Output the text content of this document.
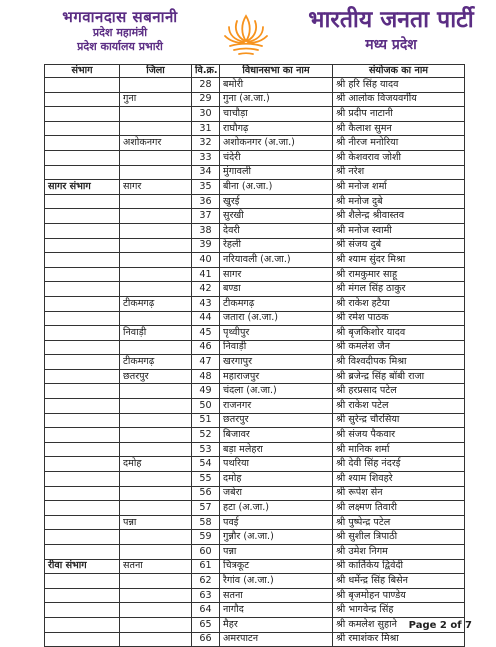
भगवानदास सबनानी
प्रदेश महामंत्री
प्रदेश कार्यालय प्रभारी
भारतीय जनता पार्टी
मध्य प्रदेश
संभाग	जिला	वि.क्र.	विधानसभा का नाम	संयोजक का नाम
		28	बमोरी	श्री हरि सिंह यादव
	गुना	29	गुना (अ.जा.)	श्री आलोक विजयवर्गीय
		30	चाचौड़ा	श्री प्रदीप नाटानी
		31	राघौगढ़	श्री कैलाश सुमन
	अशोकनगर	32	अशोकनगर (अ.जा.)	श्री नीरज मनोरिया
		33	चंदेरी	श्री केशवराव जोशी
		34	मुंगावली	श्री नरेश
सागर संभाग	सागर	35	बीना (अ.जा.)	श्री मनोज शर्मा
		36	खुरई	श्री मनोज दुबे
		37	सुरखी	श्री शैलेन्द्र श्रीवास्तव
		38	देवरी	श्री मनोज स्वामी
		39	रेहली	श्री संजय दुबे
		40	नरियावली (अ.जा.)	श्री श्याम सुंदर मिश्रा
		41	सागर	श्री रामकुमार साहू
		42	बण्डा	श्री मंगल सिंह ठाकुर
	टीकमगढ़	43	टीकमगढ़	श्री राकेश हटैया
		44	जतारा (अ.जा.)	श्री रमेश पाठक
	निवाड़ी	45	पृथ्वीपुर	श्री बृजकिशोर यादव
		46	निवाड़ी	श्री कमलेश जैन
	टीकमगढ़	47	खरगापुर	श्री विश्वदीपक मिश्रा
	छतरपुर	48	महाराजपुर	श्री ब्रजेन्द्र सिंह बॉबी राजा
		49	चंदला (अ.जा.)	श्री हरप्रसाद पटेल
		50	राजनगर	श्री राकेश पटेल
		51	छतरपुर	श्री सुरेन्द्र चौरसिया
		52	बिजावर	श्री संजय पैकवार
		53	बड़ा मलेहरा	श्री मानिक शर्मा
	दमोह	54	पथरिया	श्री देवी सिंह नंदरई
		55	दमोह	श्री श्याम शिवहरे
		56	जबेरा	श्री रूपेश सेन
		57	हटा (अ.जा.)	श्री लक्ष्मण तिवारी
	पन्ना	58	पवई	श्री पुष्पेन्द्र पटेल
		59	गुन्नौर (अ.जा.)	श्री सुशील त्रिपाठी
		60	पन्ना	श्री उमेश निगम
रीवा संभाग	सतना	61	चित्रकूट	श्री कार्तिकेय द्विवेदी
		62	रैगांव (अ.जा.)	श्री धर्मेन्द्र सिंह बिसेन
		63	सतना	श्री बृजमोहन पाण्डेय
		64	नागौद	श्री भागवेन्द्र सिंह
		65	मैहर	श्री कमलेश सुहाने
		66	अमरपाटन	श्री रमाशंकर मिश्रा
Page 2 of 7
